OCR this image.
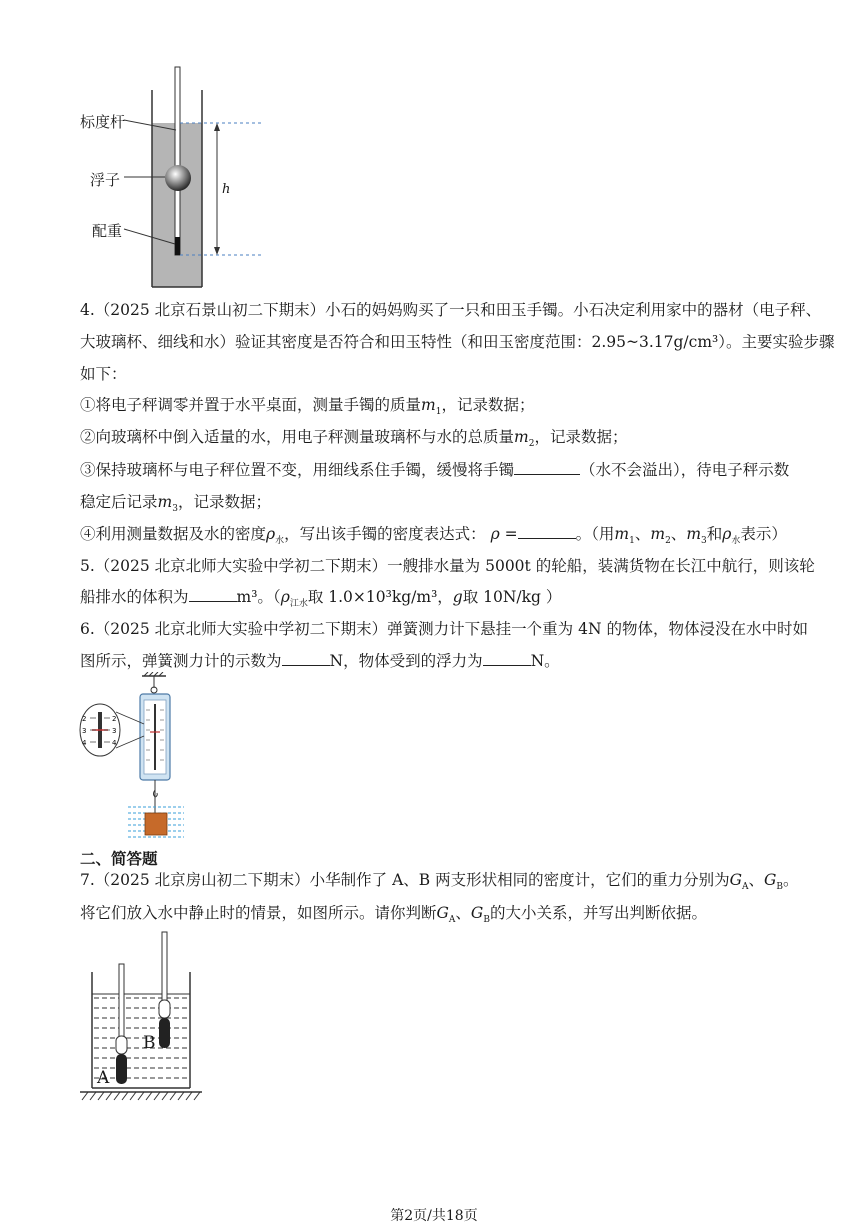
标度杆
浮子
配重
h
4.（2025 北京石景山初二下期末）小石的妈妈购买了一只和田玉手镯。小石决定利用家中的器材（电子秤、
大玻璃杯、细线和水）验证其密度是否符合和田玉特性（和田玉密度范围：2.95~3.17g/cm³）。主要实验步骤
如下：
①将电子秤调零并置于水平桌面，测量手镯的质量$m_1$，记录数据；
②向玻璃杯中倒入适量的水，用电子秤测量玻璃杯与水的总质量$m_2$，记录数据；
③保持玻璃杯与电子秤位置不变，用细线系住手镯，缓慢将手镯	（水不会溢出），待电子秤示数
稳定后记录$m_3$，记录数据；
④利用测量数据及水的密度$\rho_水$，写出该手镯的密度表达式： ρ =	。（用$m_1$、$m_2$、$m_3$和$\rho_水$表示）
5.（2025 北京北师大实验中学初二下期末）一艘排水量为 5000t 的轮船，装满货物在长江中航行，则该轮
船排水的体积为	m³。（$\rho_{江水}$取 1.0×10³kg/m³，g取 10N/kg ）
6.（2025 北京北师大实验中学初二下期末）弹簧测力计下悬挂一个重为 4N 的物体，物体浸没在水中时如
图所示，弹簧测力计的示数为	N，物体受到的浮力为	N。
2
3
4
2
3
4
二、简答题
7.（2025 北京房山初二下期末）小华制作了 A、B 两支形状相同的密度计，它们的重力分别为$G_A$、$G_B$。
将它们放入水中静止时的情景，如图所示。请你判断$G_A$、$G_B$的大小关系，并写出判断依据。
A
B
第2页/共18页
